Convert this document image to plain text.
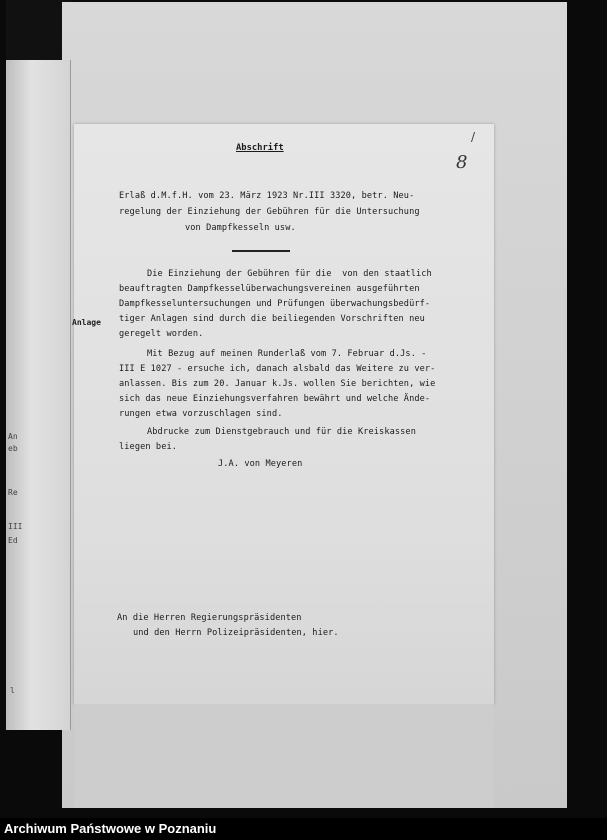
An
eb
Re
III
Ed
l
/
8
Abschrift
Erlaß d.M.f.H. vom 23. März 1923 Nr.III 3320, betr. Neu-
regelung der Einziehung der Gebühren für die Untersuchung
von Dampfkesseln usw.
Die Einziehung der Gebühren für die  von den staatlich
beauftragten Dampfkesselüberwachungsvereinen ausgeführten
Dampfkesseluntersuchungen und Prüfungen überwachungsbedürf-
tiger Anlagen sind durch die beiliegenden Vorschriften neu
geregelt worden.
Anlage
Mit Bezug auf meinen Runderlaß vom 7. Februar d.Js. -
III E 1027 - ersuche ich, danach alsbald das Weitere zu ver-
anlassen. Bis zum 20. Januar k.Js. wollen Sie berichten, wie
sich das neue Einziehungsverfahren bewährt und welche Ände-
rungen etwa vorzuschlagen sind.
Abdrucke zum Dienstgebrauch und für die Kreiskassen
liegen bei.
J.A. von Meyeren
An die Herren Regierungspräsidenten
und den Herrn Polizeipräsidenten, hier.
Archiwum Państwowe w Poznaniu
